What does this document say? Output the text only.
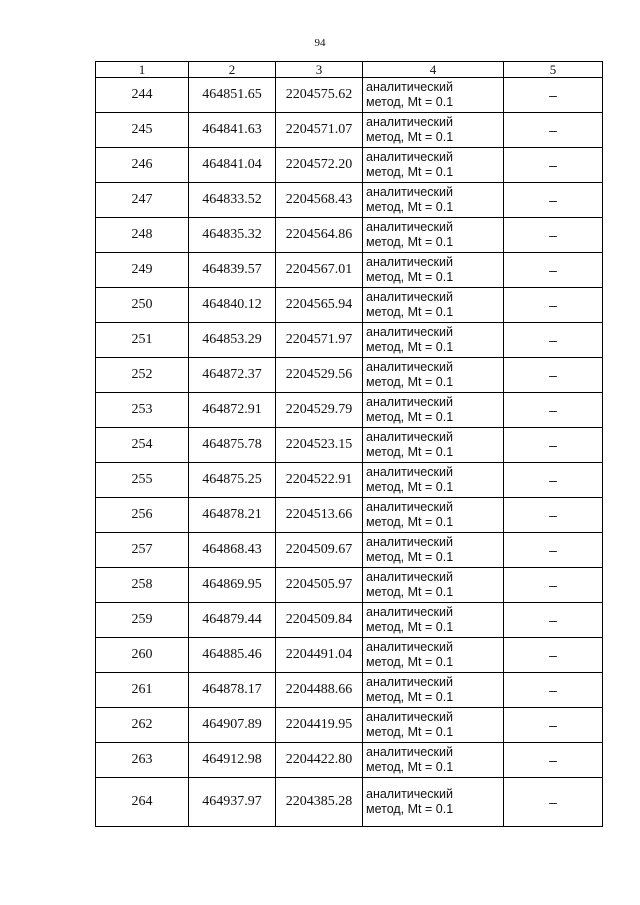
94
1	2	3	4	5
244	464851.65	2204575.62	аналитический
метод, Mt = 0.1	–
245	464841.63	2204571.07	аналитический
метод, Mt = 0.1	–
246	464841.04	2204572.20	аналитический
метод, Mt = 0.1	–
247	464833.52	2204568.43	аналитический
метод, Mt = 0.1	–
248	464835.32	2204564.86	аналитический
метод, Mt = 0.1	–
249	464839.57	2204567.01	аналитический
метод, Mt = 0.1	–
250	464840.12	2204565.94	аналитический
метод, Mt = 0.1	–
251	464853.29	2204571.97	аналитический
метод, Mt = 0.1	–
252	464872.37	2204529.56	аналитический
метод, Mt = 0.1	–
253	464872.91	2204529.79	аналитический
метод, Mt = 0.1	–
254	464875.78	2204523.15	аналитический
метод, Mt = 0.1	–
255	464875.25	2204522.91	аналитический
метод, Mt = 0.1	–
256	464878.21	2204513.66	аналитический
метод, Mt = 0.1	–
257	464868.43	2204509.67	аналитический
метод, Mt = 0.1	–
258	464869.95	2204505.97	аналитический
метод, Mt = 0.1	–
259	464879.44	2204509.84	аналитический
метод, Mt = 0.1	–
260	464885.46	2204491.04	аналитический
метод, Mt = 0.1	–
261	464878.17	2204488.66	аналитический
метод, Mt = 0.1	–
262	464907.89	2204419.95	аналитический
метод, Mt = 0.1	–
263	464912.98	2204422.80	аналитический
метод, Mt = 0.1	–
264	464937.97	2204385.28	аналитический
метод, Mt = 0.1	–
